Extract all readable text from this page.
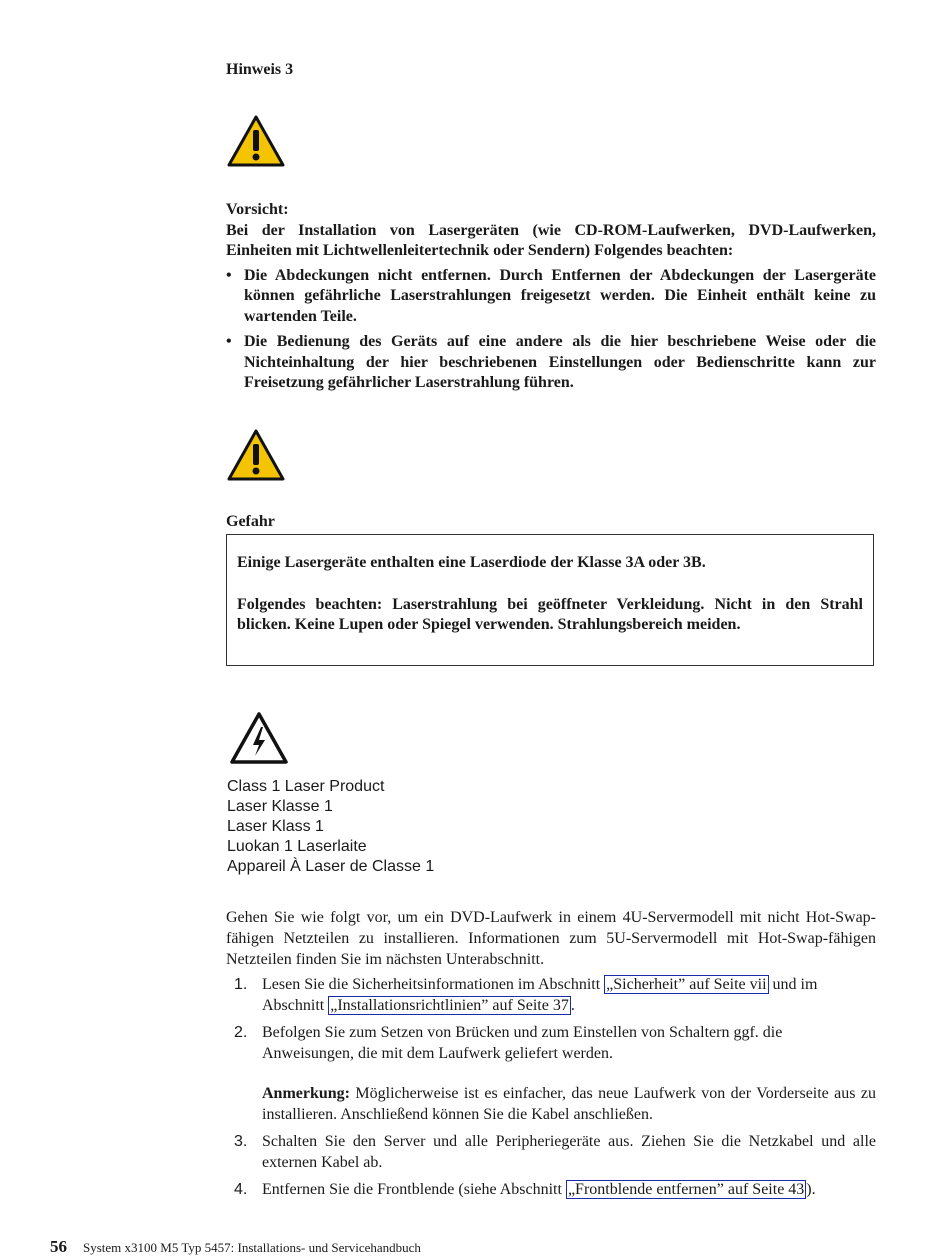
Hinweis 3

Vorsicht:

Bei der Installation von Lasergeräten (wie CD-ROM-Laufwerken, DVD-Laufwerken, Einheiten mit Lichtwellenleitertechnik oder Sendern) Folgendes beachten:

• Die Abdeckungen nicht entfernen. Durch Entfernen der Abdeckungen der Lasergeräte können gefährliche Laserstrahlungen freigesetzt werden. Die Einheit enthält keine zu wartenden Teile.
• Die Bedienung des Geräts auf eine andere als die hier beschriebene Weise oder die Nichteinhaltung der hier beschriebenen Einstellungen oder Bedienschritte kann zur Freisetzung gefährlicher Laserstrahlung führen.
Gefahr

Einige Lasergeräte enthalten eine Laserdiode der Klasse 3A oder 3B.

Folgendes beachten: Laserstrahlung bei geöffneter Verkleidung. Nicht in den Strahl blicken. Keine Lupen oder Spiegel verwenden. Strahlungsbereich meiden.

Class 1 Laser Product
Laser Klasse 1
Laser Klass 1
Luokan 1 Laserlaite
Appareil À Laser de Classe 1
Gehen Sie wie folgt vor, um ein DVD-Laufwerk in einem 4U-Servermodell mit nicht Hot-Swap-fähigen Netzteilen zu installieren. Informationen zum 5U-Servermodell mit Hot-Swap-fähigen Netzteilen finden Sie im nächsten Unterabschnitt.
1. Lesen Sie die Sicherheitsinformationen im Abschnitt „Sicherheit” auf Seite vii und im Abschnitt „Installationsrichtlinien” auf Seite 37 .
2. Befolgen Sie zum Setzen von Brücken und zum Einstellen von Schaltern ggf. die Anweisungen, die mit dem Laufwerk geliefert werden.
Anmerkung: Möglicherweise ist es einfacher, das neue Laufwerk von der Vorderseite aus zu installieren. Anschließend können Sie die Kabel anschließen.
3. Schalten Sie den Server und alle Peripheriegeräte aus. Ziehen Sie die Netzkabel und alle externen Kabel ab.
4. Entfernen Sie die Frontblende (siehe Abschnitt „Frontblende entfernen” auf Seite 43 ).
56 System x3100 M5 Typ 5457: Installations- und Servicehandbuch
